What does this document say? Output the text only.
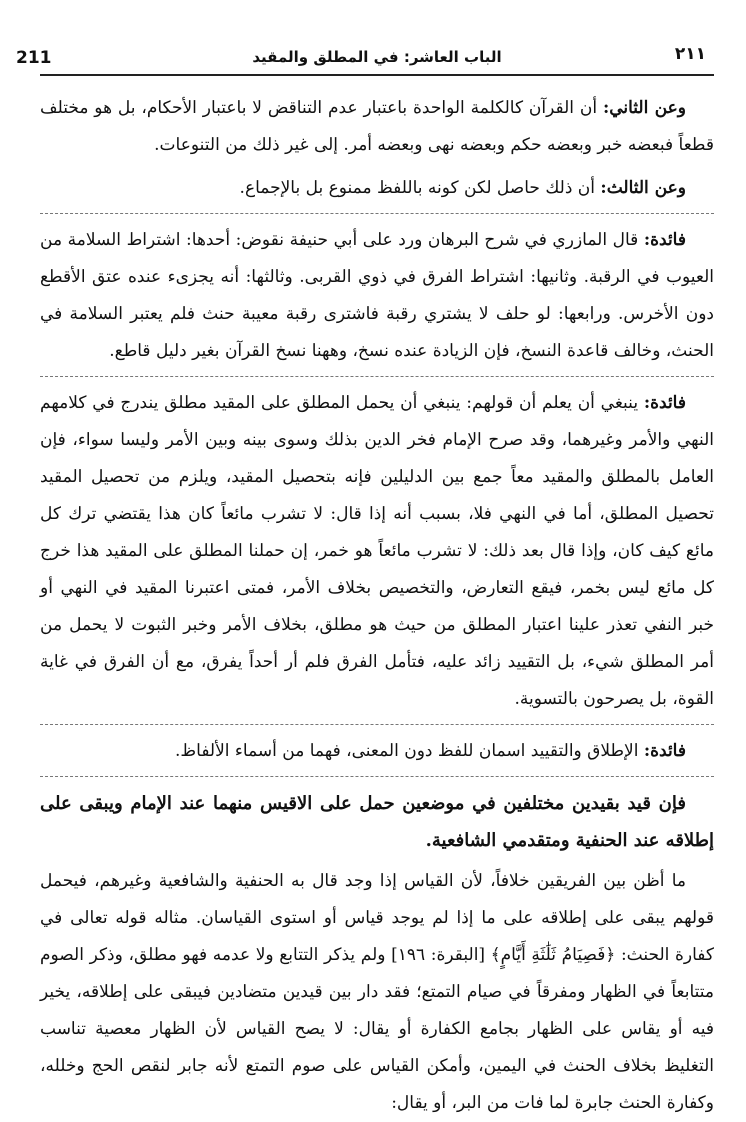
211	الباب العاشر: في المطلق والمقيد	٢١١

وعن الثاني: أن القرآن كالكلمة الواحدة باعتبار عدم التناقض لا باعتبار الأحكام، بل هو مختلف قطعاً فبعضه خبر وبعضه حكم وبعضه نهى وبعضه أمر. إلى غير ذلك من التنوعات.

وعن الثالث: أن ذلك حاصل لكن كونه باللفظ ممنوع بل بالإجماع.

فائدة: قال المازري في شرح البرهان ورد على أبي حنيفة نقوض: أحدها: اشتراط السلامة من العيوب في الرقبة. وثانيها: اشتراط الفرق في ذوي القربى. وثالثها: أنه يجزىء عنده عتق الأقطع دون الأخرس. ورابعها: لو حلف لا يشتري رقبة فاشترى رقبة معيبة حنث فلم يعتبر السلامة في الحنث، وخالف قاعدة النسخ، فإن الزيادة عنده نسخ، وههنا نسخ القرآن بغير دليل قاطع.

فائدة: ينبغي أن يعلم أن قولهم: ينبغي أن يحمل المطلق على المقيد مطلق يندرج في كلامهم النهي والأمر وغيرهما، وقد صرح الإمام فخر الدين بذلك وسوى بينه وبين الأمر وليسا سواء، فإن العامل بالمطلق والمقيد معاً جمع بين الدليلين فإنه بتحصيل المقيد، ويلزم من تحصيل المقيد تحصيل المطلق، أما في النهي فلا، بسبب أنه إذا قال: لا تشرب مائعاً كان هذا يقتضي ترك كل مائع كيف كان، وإذا قال بعد ذلك: لا تشرب مائعاً هو خمر، إن حملنا المطلق على المقيد هذا خرج كل مائع ليس بخمر، فيقع التعارض، والتخصيص بخلاف الأمر، فمتى اعتبرنا المقيد في النهي أو خبر النفي تعذر علينا اعتبار المطلق من حيث هو مطلق، بخلاف الأمر وخبر الثبوت لا يحمل من أمر المطلق شيء، بل التقييد زائد عليه، فتأمل الفرق فلم أر أحداً يفرق، مع أن الفرق في غاية القوة، بل يصرحون بالتسوية.

فائدة: الإطلاق والتقييد اسمان للفظ دون المعنى، فهما من أسماء الألفاظ.

فإن قيد بقيدين مختلفين في موضعين حمل على الاقيس منهما عند الإمام ويبقى على إطلاقه عند الحنفية ومتقدمي الشافعية.

ما أظن بين الفريقين خلافاً، لأن القياس إذا وجد قال به الحنفية والشافعية وغيرهم، فيحمل قولهم يبقى على إطلاقه على ما إذا لم يوجد قياس أو استوى القياسان. مثاله قوله تعالى في كفارة الحنث: ﴿فَصِيَامُ ثَلَٰثَةِ أَيَّامٍ﴾ [البقرة: ١٩٦] ولم يذكر التتابع ولا عدمه فهو مطلق، وذكر الصوم متتابعاً في الظهار ومفرقاً في صيام التمتع؛ فقد دار بين قيدين متضادين فيبقى على إطلاقه، يخير فيه أو يقاس على الظهار بجامع الكفارة أو يقال: لا يصح القياس لأن الظهار معصية تناسب التغليظ بخلاف الحنث في اليمين، وأمكن القياس على صوم التمتع لأنه جابر لنقص الحج وخلله، وكفارة الحنث جابرة لما فات من البر، أو يقال:
